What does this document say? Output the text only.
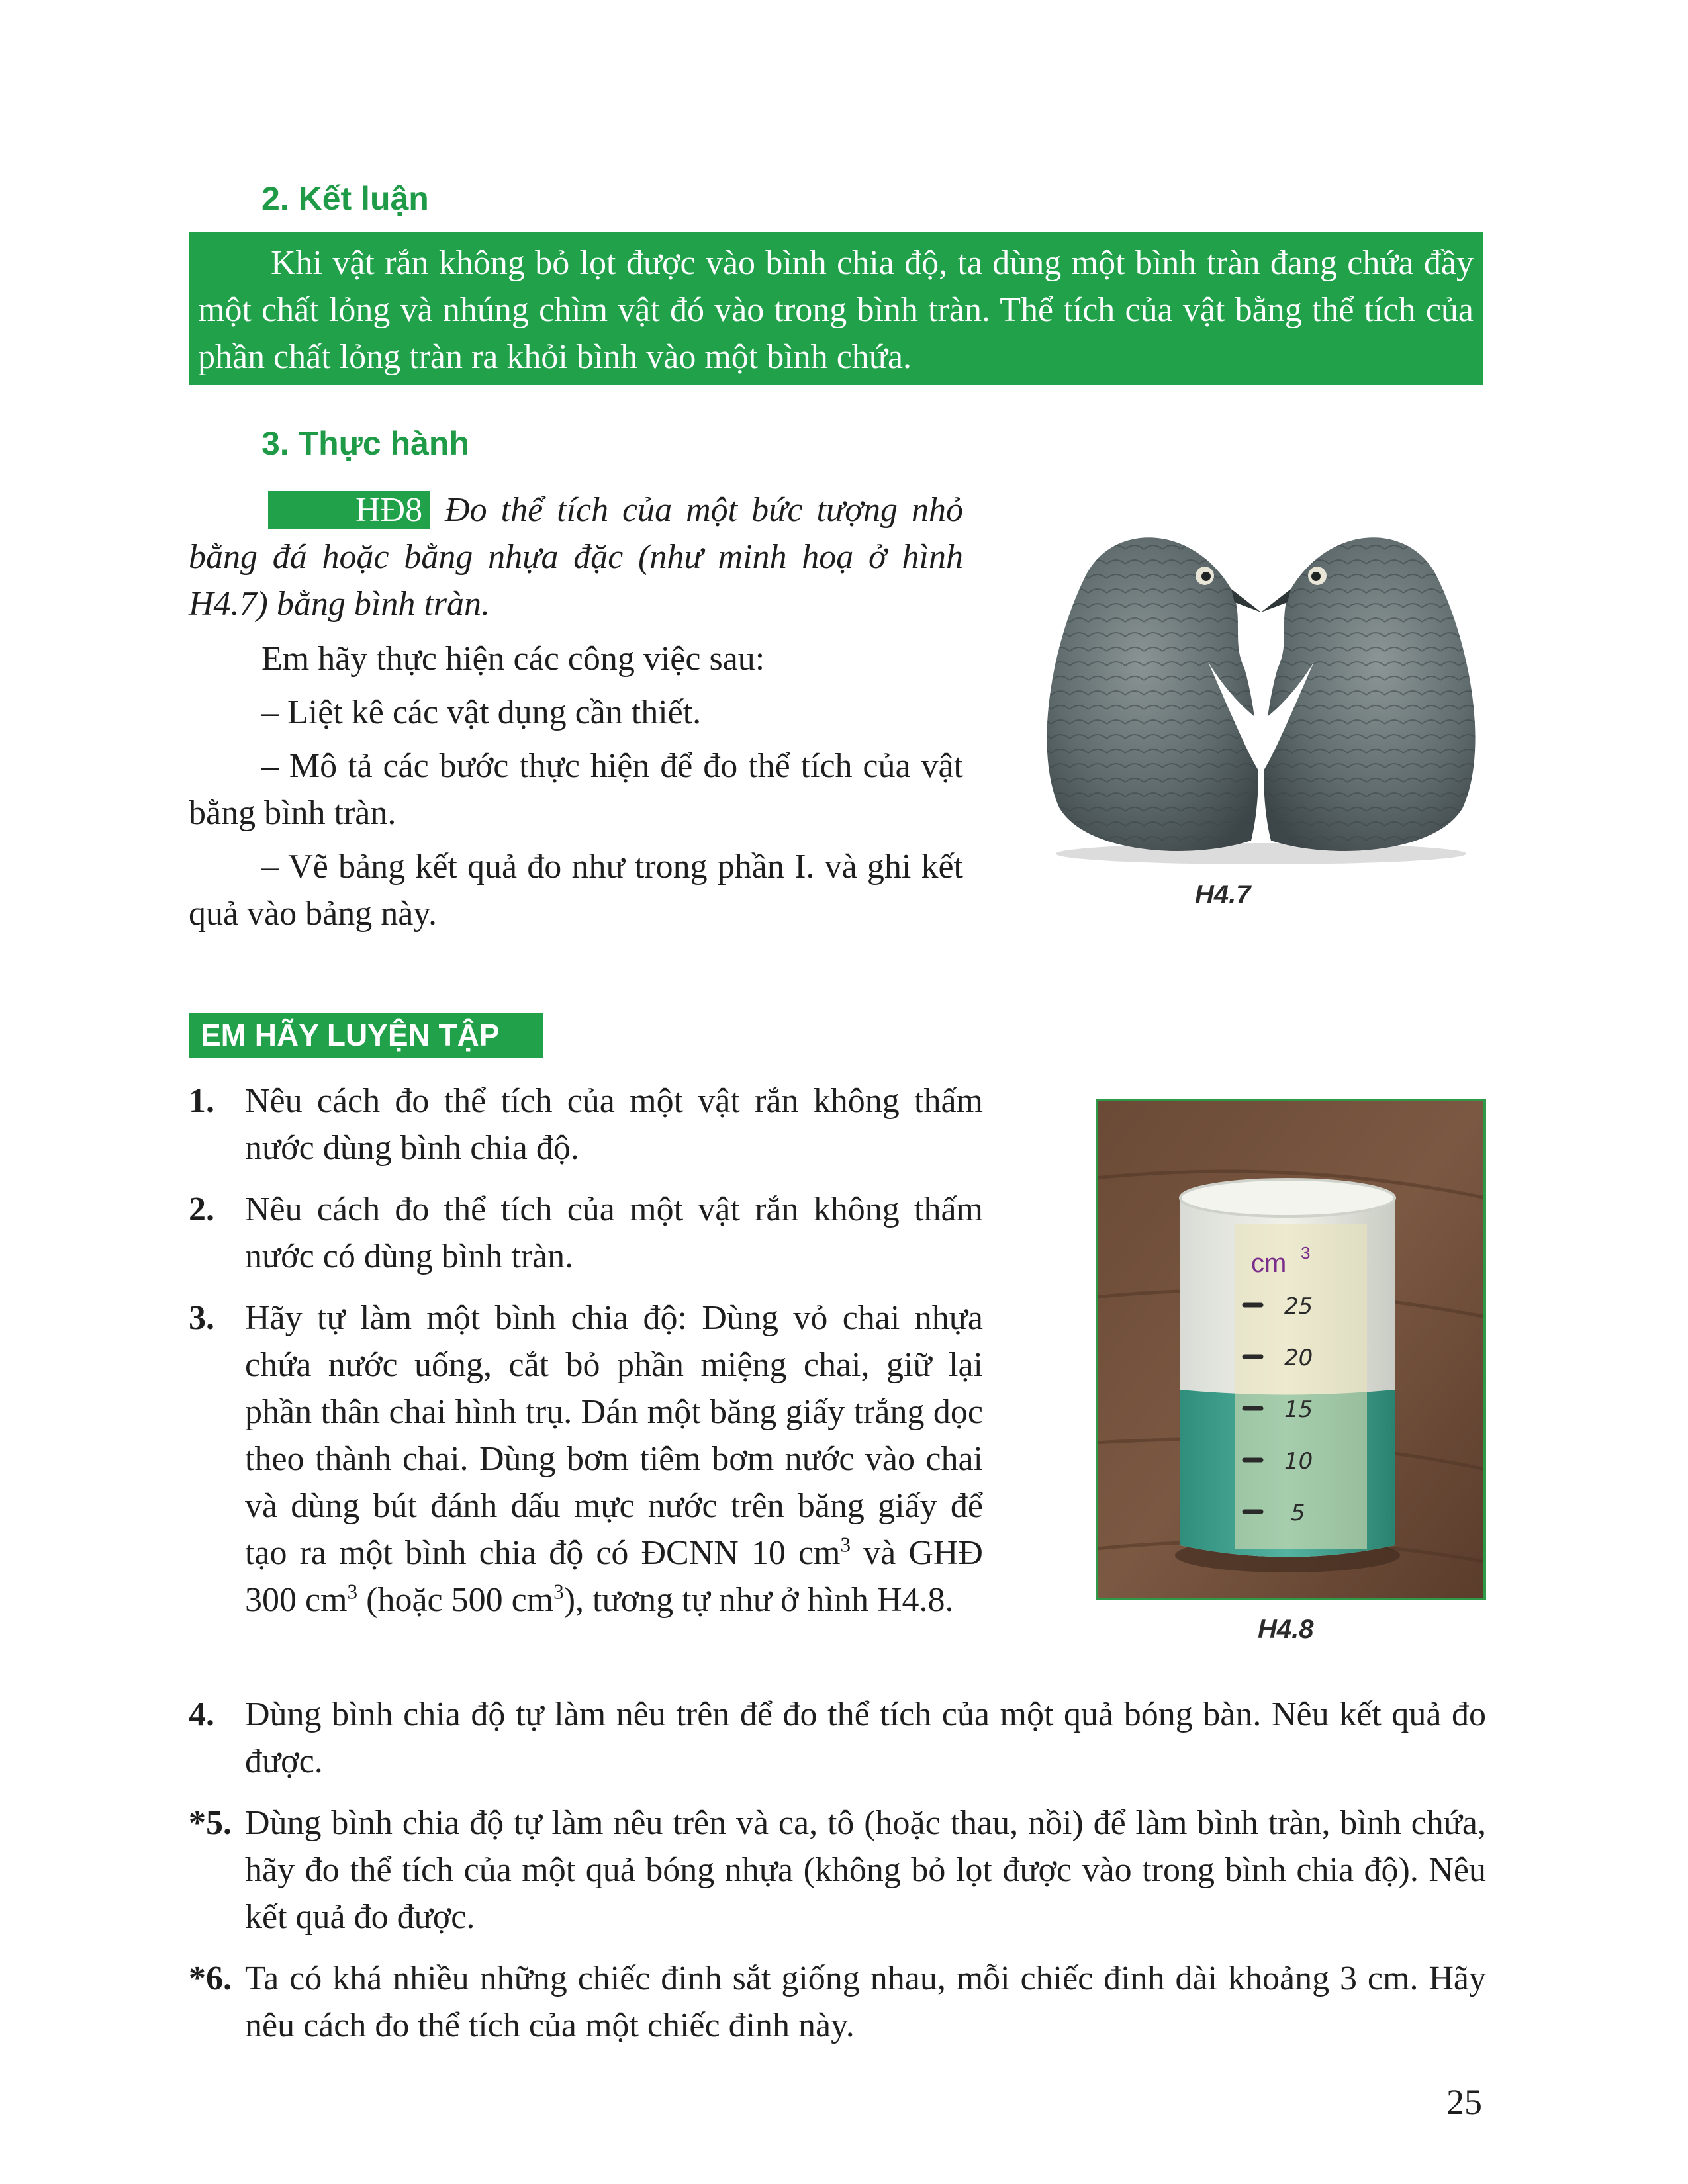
2. Kết luận
Khi vật rắn không bỏ lọt được vào bình chia độ, ta dùng một bình tràn đang chứa đầy một chất lỏng và nhúng chìm vật đó vào trong bình tràn. Thể tích của vật bằng thể tích của phần chất lỏng tràn ra khỏi bình vào một bình chứa.
3. Thực hành
HĐ8 Đo thể tích của một bức tượng nhỏ bằng đá hoặc bằng nhựa đặc (như minh hoạ ở hình H4.7) bằng bình tràn.
Em hãy thực hiện các công việc sau:
– Liệt kê các vật dụng cần thiết.
– Mô tả các bước thực hiện để đo thể tích của vật bằng bình tràn.
– Vẽ bảng kết quả đo như trong phần I. và ghi kết quả vào bảng này.	H4.7
EM HÃY LUYỆN TẬP
1. Nêu cách đo thể tích của một vật rắn không thấm nước dùng bình chia độ.
2. Nêu cách đo thể tích của một vật rắn không thấm nước có dùng bình tràn.
3. Hãy tự làm một bình chia độ: Dùng vỏ chai nhựa chứa nước uống, cắt bỏ phần miệng chai, giữ lại phần thân chai hình trụ. Dán một băng giấy trắng dọc theo thành chai. Dùng bơm tiêm bơm nước vào chai và dùng bút đánh dấu mực nước trên băng giấy để tạo ra một bình chia độ có ĐCNN 10 $cm^3$ và GHĐ 300 $cm^3$ (hoặc 500 $cm^3$), tương tự như ở hình H4.8.
cm 3
25
20
15
10
5
H4.8
4. Dùng bình chia độ tự làm nêu trên để đo thể tích của một quả bóng bàn. Nêu kết quả đo được.
*5. Dùng bình chia độ tự làm nêu trên và ca, tô (hoặc thau, nồi) để làm bình tràn, bình chứa, hãy đo thể tích của một quả bóng nhựa (không bỏ lọt được vào trong bình chia độ). Nêu kết quả đo được.
*6. Ta có khá nhiều những chiếc đinh sắt giống nhau, mỗi chiếc đinh dài khoảng 3 cm. Hãy nêu cách đo thể tích của một chiếc đinh này.
25
